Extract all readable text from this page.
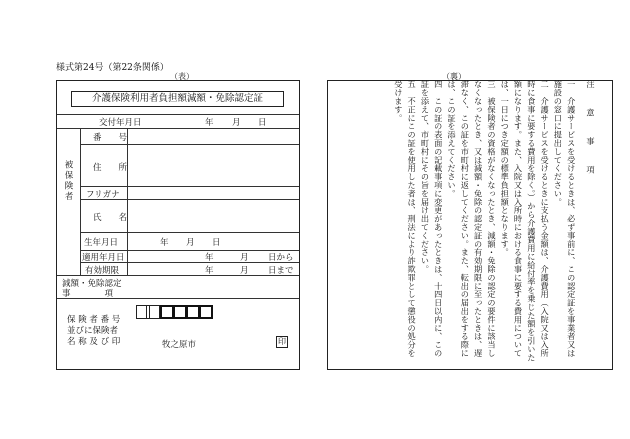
様式第24号（第22条関係）
（表）	（裏）
介護保険利用者負担額減額・免除認定証
交付年月日	年 月 日
被保険者
番　　号
住　　所
フリガナ
氏　　名
生年月日	年 月 日
適用年月日	年	月 日から
有効期限	年	月 日まで
減額・免除認定
事　　　　項
保 険 者 番 号
並びに保険者
名 称 及 び 印	牧之原市	印

注　意　事　項

一　介護サービスを受けるときは、必ず事前に、この認定証を事業者又は施設の窓口に提出してください。

二　介護サービスを受けるときに支払う金額は、介護費用（入院又は入所時に食事に要する費用を除く。）から介護費用に給付率を乗じた額を引いた額になります。また、入院又は入所時における食事に要する費用については、一日につき定額の標準負担額となります。

三　被保険者の資格がなくなったとき、減額・免除の認定の要件に該当しなくなったとき、又は減額・免除の認定証の有効期限に至ったときは、遅滞なく、この証を市町村に返してください。また、転出の届出をする際には、この証を添えてください。

四　この証の表面の記載事項に変更があったときは、十四日以内に、この証を添えて、市町村にその旨を届け出てください。

五　不正にこの証を使用した者は、刑法により詐欺罪として懲役の処分を受けます。
